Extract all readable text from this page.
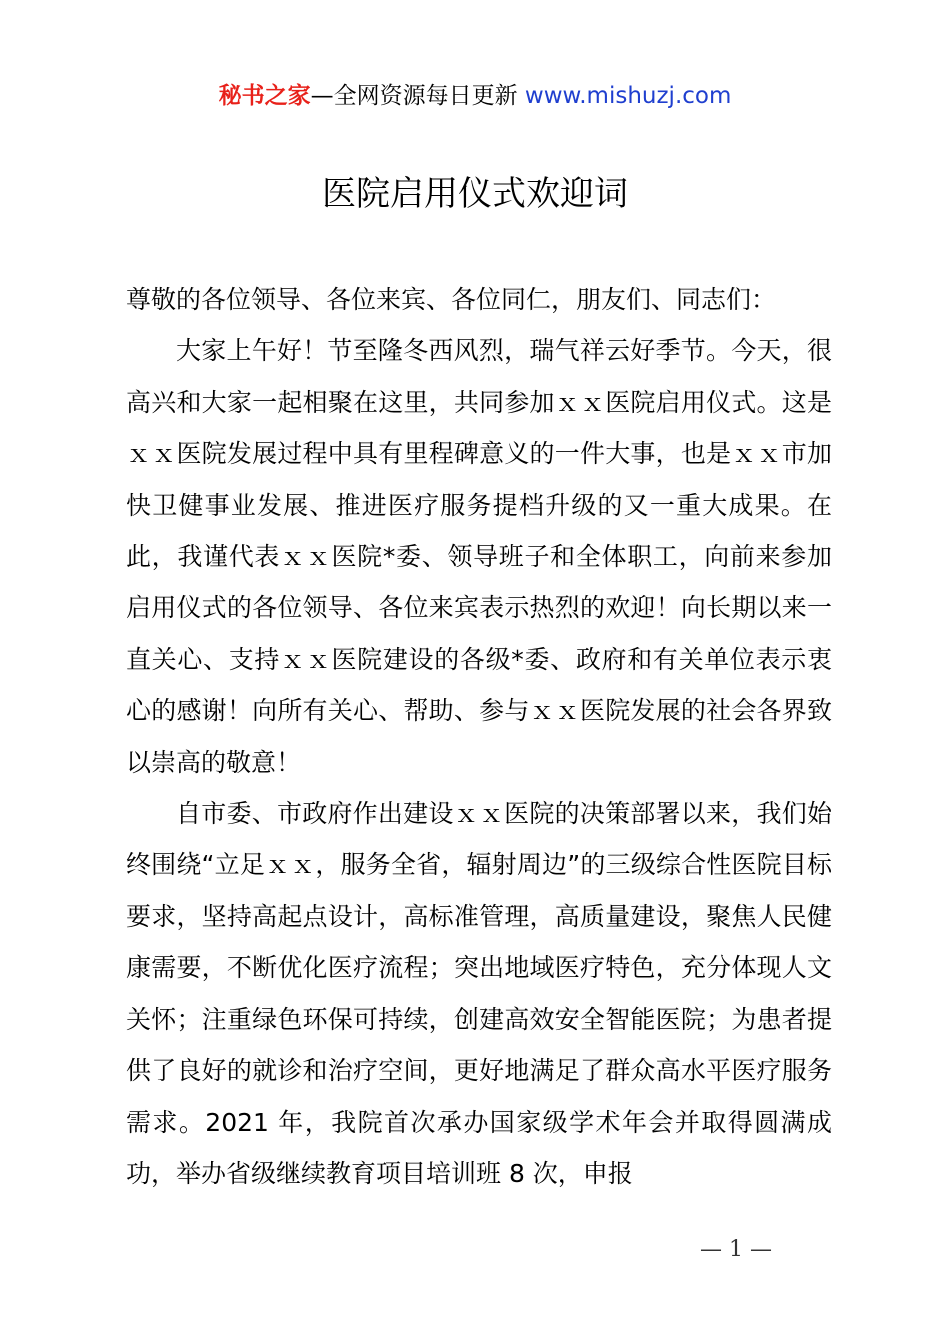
秘书之家—全网资源每日更新 www.mishuzj.com
医院启用仪式欢迎词

尊敬的各位领导、各位来宾、各位同仁，朋友们、同志们：

大家上午好！节至隆冬西风烈，瑞气祥云好季节。今天，很高兴和大家一起相聚在这里，共同参加ｘｘ医院启用仪式。这是ｘｘ医院发展过程中具有里程碑意义的一件大事，也是ｘｘ市加快卫健事业发展、推进医疗服务提档升级的又一重大成果。在此，我谨代表ｘｘ医院*委、领导班子和全体职工，向前来参加启用仪式的各位领导、各位来宾表示热烈的欢迎！向长期以来一直关心、支持ｘｘ医院建设的各级*委、政府和有关单位表示衷心的感谢！向所有关心、帮助、参与ｘｘ医院发展的社会各界致以崇高的敬意！

自市委、市政府作出建设ｘｘ医院的决策部署以来，我们始终围绕“立足ｘｘ，服务全省，辐射周边”的三级综合性医院目标要求，坚持高起点设计，高标准管理，高质量建设，聚焦人民健康需要，不断优化医疗流程；突出地域医疗特色，充分体现人文关怀；注重绿色环保可持续，创建高效安全智能医院；为患者提供了良好的就诊和治疗空间，更好地满足了群众高水平医疗服务需求。2021 年，我院首次承办国家级学术年会并取得圆满成功，举办省级继续教育项目培训班 8 次，申报

— 1 —
